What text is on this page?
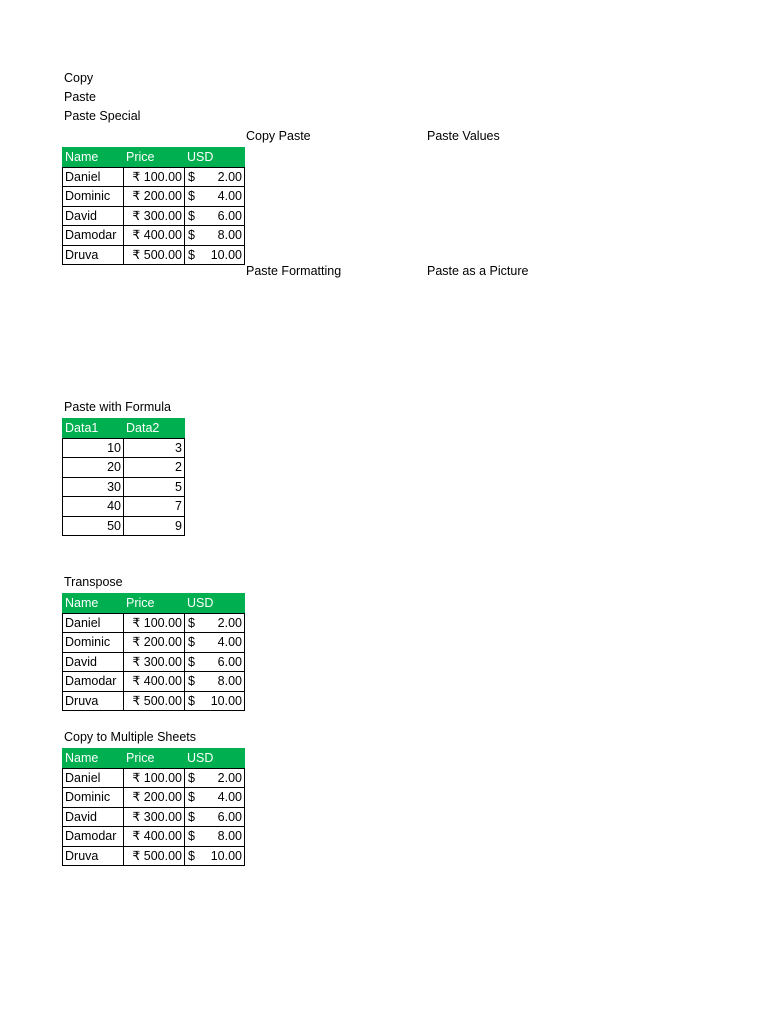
Copy
Paste
Paste Special
Copy Paste	Paste Values
Name	Price	USD
Daniel	₹ 100.00	$ 2.00

Dominic	₹ 200.00	$ 4.00

David	₹ 300.00	$ 6.00

Damodar	₹ 400.00	$ 8.00

Druva	₹ 500.00	$ 10.00
Paste Formatting	Paste as a Picture
Paste with Formula
Data1	Data2
10	3
20	2
30	5
40	7
50	9
Transpose
Name	Price	USD
Daniel	₹ 100.00	$ 2.00

Dominic	₹ 200.00	$ 4.00

David	₹ 300.00	$ 6.00

Damodar	₹ 400.00	$ 8.00

Druva	₹ 500.00	$ 10.00
Copy to Multiple Sheets
Name	Price	USD
Daniel	₹ 100.00	$ 2.00

Dominic	₹ 200.00	$ 4.00

David	₹ 300.00	$ 6.00

Damodar	₹ 400.00	$ 8.00

Druva	₹ 500.00	$ 10.00
